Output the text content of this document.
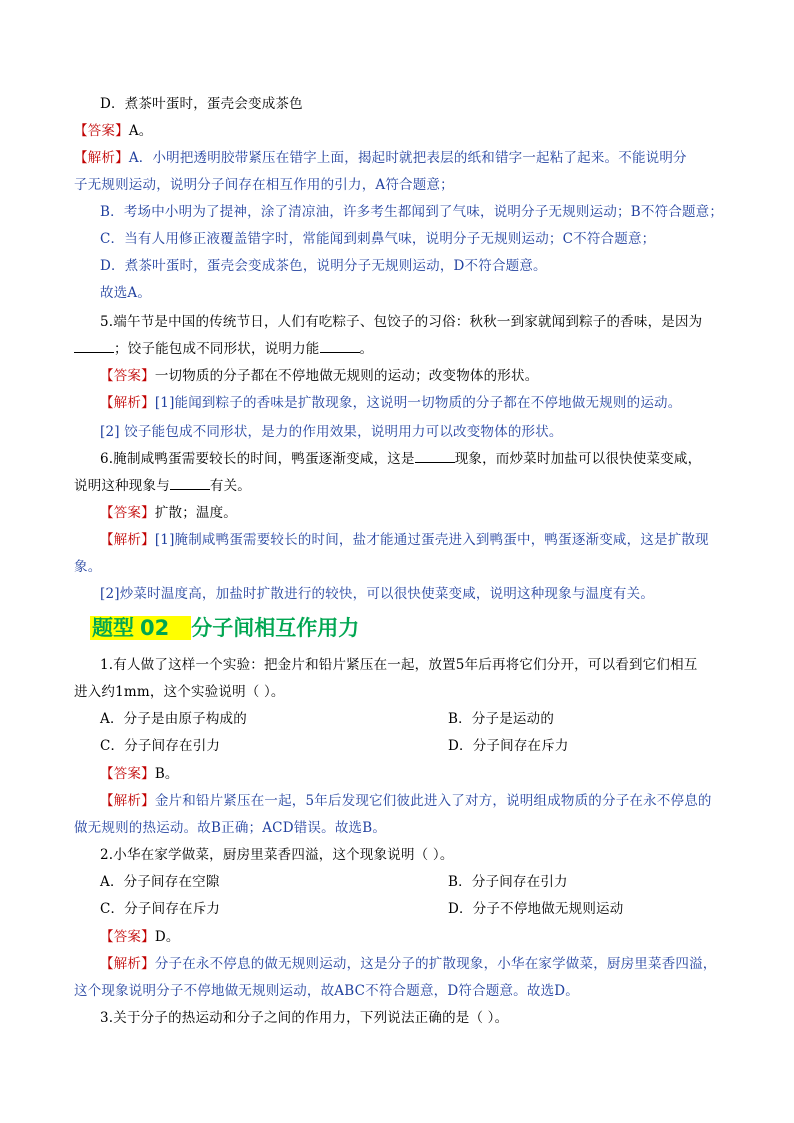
D．煮茶叶蛋时，蛋壳会变成茶色
【答案】A。
【解析】A．小明把透明胶带紧压在错字上面，揭起时就把表层的纸和错字一起粘了起来。不能说明分
子无规则运动，说明分子间存在相互作用的引力，A符合题意；
B．考场中小明为了提神，涂了清凉油，许多考生都闻到了气味，说明分子无规则运动；B不符合题意；
C．当有人用修正液覆盖错字时，常能闻到刺鼻气味，说明分子无规则运动；C不符合题意；
D．煮茶叶蛋时，蛋壳会变成茶色，说明分子无规则运动，D不符合题意。
故选A。
5.端午节是中国的传统节日，人们有吃粽子、包饺子的习俗：秋秋一到家就闻到粽子的香味，是因为
；饺子能包成不同形状，说明力能	。
【答案】一切物质的分子都在不停地做无规则的运动；改变物体的形状。
【解析】[1]能闻到粽子的香味是扩散现象，这说明一切物质的分子都在不停地做无规则的运动。
[2] 饺子能包成不同形状，是力的作用效果，说明用力可以改变物体的形状。
6.腌制咸鸭蛋需要较长的时间，鸭蛋逐渐变咸，这是	现象，而炒菜时加盐可以很快使菜变咸，
说明这种现象与	有关。
【答案】扩散；温度。
【解析】[1]腌制咸鸭蛋需要较长的时间，盐才能通过蛋壳进入到鸭蛋中，鸭蛋逐渐变咸，这是扩散现
象。
[2]炒菜时温度高，加盐时扩散进行的较快，可以很快使菜变咸，说明这种现象与温度有关。
题型 02 分子间相互作用力
1.有人做了这样一个实验：把金片和铅片紧压在一起，放置5年后再将它们分开，可以看到它们相互
进入约1mm，这个实验说明（ ）。
A．分子是由原子构成的	B．分子是运动的
C．分子间存在引力	D．分子间存在斥力
【答案】B。
【解析】金片和铅片紧压在一起，5年后发现它们彼此进入了对方，说明组成物质的分子在永不停息的
做无规则的热运动。故B正确；ACD错误。故选B。
2.小华在家学做菜，厨房里菜香四溢，这个现象说明（ ）。
A．分子间存在空隙	B．分子间存在引力
C．分子间存在斥力	D．分子不停地做无规则运动
【答案】D。
【解析】分子在永不停息的做无规则运动，这是分子的扩散现象，小华在家学做菜，厨房里菜香四溢，
这个现象说明分子不停地做无规则运动，故ABC不符合题意，D符合题意。故选D。
3.关于分子的热运动和分子之间的作用力，下列说法正确的是（ ）。
